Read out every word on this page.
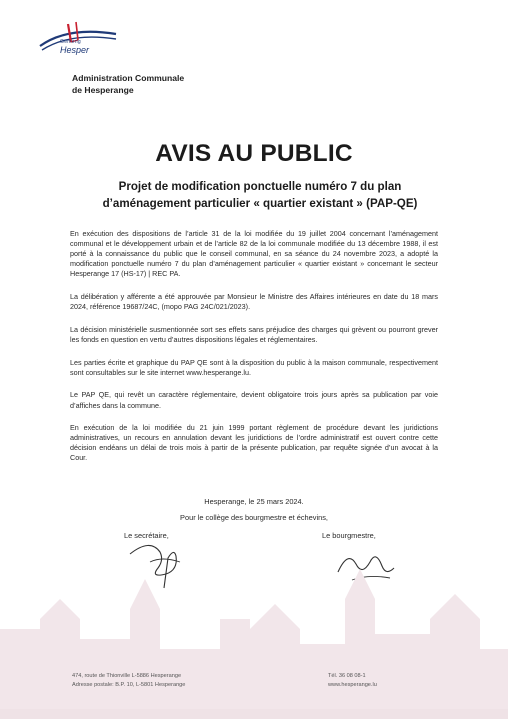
Gemeng
Hesper
Administration Communale
de Hesperange
AVIS AU PUBLIC
Projet de modification ponctuelle numéro 7 du plan
d’aménagement particulier « quartier existant » (PAP-QE)

En exécution des dispositions de l’article 31 de la loi modifiée du 19 juillet 2004 concernant l’aménagement communal et le développement urbain et de l’article 82 de la loi communale modifiée du 13 décembre 1988, il est porté à la connaissance du public que le conseil communal, en sa séance du 24 novembre 2023, a adopté la modification ponctuelle numéro 7 du plan d’aménagement particulier « quartier existant » concernant le secteur Hesperange 17 (HS-17) | REC PA.

La délibération y afférente a été approuvée par Monsieur le Ministre des Affaires intérieures en date du 18 mars 2024, référence 19687/24C, (mopo PAG 24C/021/2023).

La décision ministérielle susmentionnée sort ses effets sans préjudice des charges qui grèvent ou pourront grever les fonds en question en vertu d’autres dispositions légales et réglementaires.

Les parties écrite et graphique du PAP QE sont à la disposition du public à la maison communale, respectivement sont consultables sur le site internet www.hesperange.lu.

Le PAP QE, qui revêt un caractère réglementaire, devient obligatoire trois jours après sa publication par voie d’affiches dans la commune.

En exécution de la loi modifiée du 21 juin 1999 portant règlement de procédure devant les juridictions administratives, un recours en annulation devant les juridictions de l’ordre administratif est ouvert contre cette décision endéans un délai de trois mois à partir de la présente publication, par requête signée d’un avocat à la Cour.

Hesperange, le 25 mars 2024.
Pour le collège des bourgmestre et échevins,
Le secrétaire,	Le bourgmestre,
474, route de Thionville L-5886 Hesperange
Adresse postale: B.P. 10, L-5801 Hesperange
Tél. 36 08 08-1
www.hesperange.lu
